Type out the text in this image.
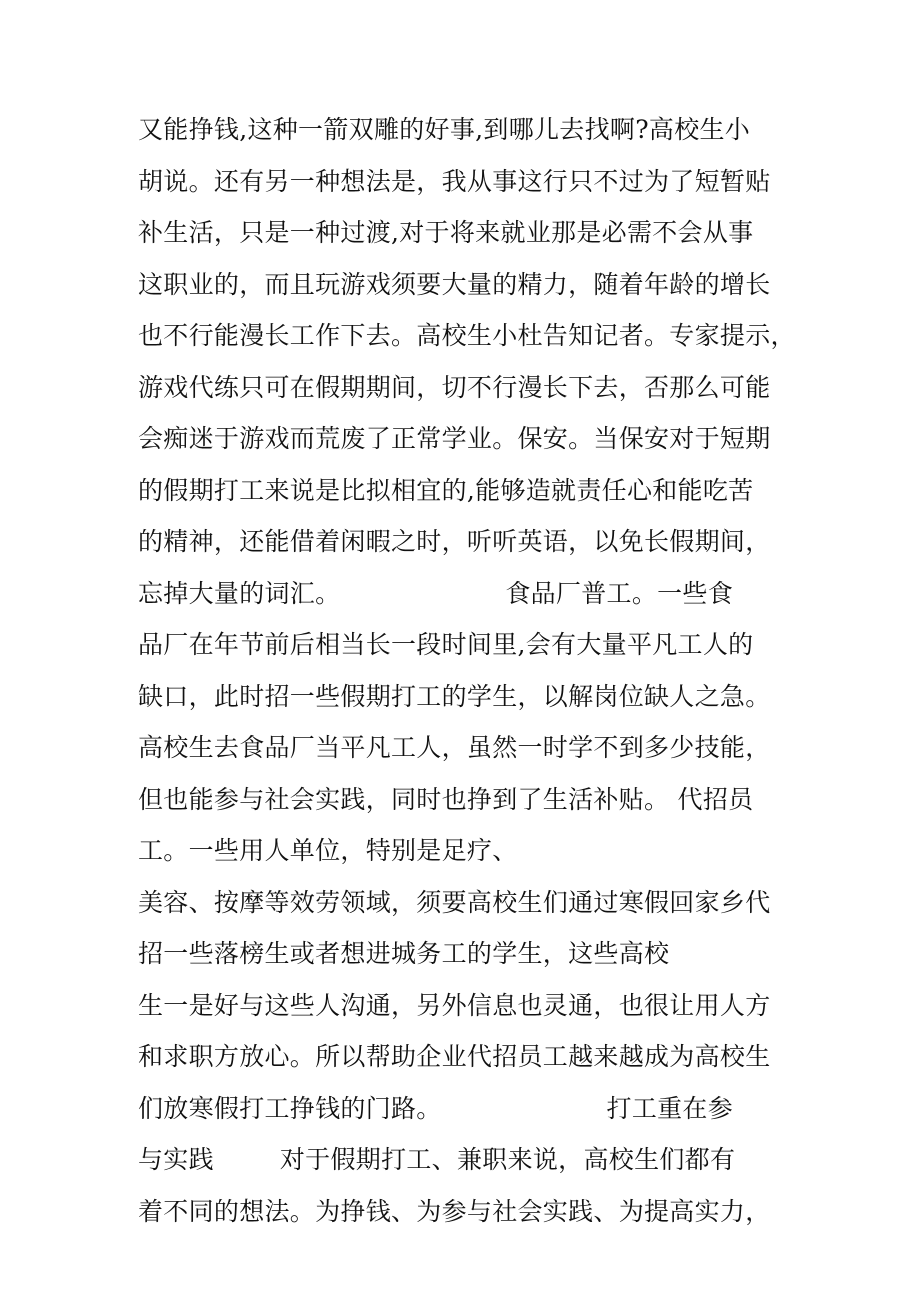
又能挣钱,这种一箭双雕的好事,到哪儿去找啊?高校生小
胡说。还有另一种想法是，我从事这行只不过为了短暂贴
补生活，只是一种过渡,对于将来就业那是必需不会从事
这职业的，而且玩游戏须要大量的精力，随着年龄的增长
也不行能漫长工作下去。高校生小杜告知记者。专家提示，
游戏代练只可在假期期间，切不行漫长下去，否那么可能
会痴迷于游戏而荒废了正常学业。保安。当保安对于短期
的假期打工来说是比拟相宜的,能够造就责任心和能吃苦
的精神，还能借着闲暇之时，听听英语，以免长假期间，
忘掉大量的词汇。                    食品厂普工。一些食
品厂在年节前后相当长一段时间里,会有大量平凡工人的
缺口，此时招一些假期打工的学生，以解岗位缺人之急。
高校生去食品厂当平凡工人，虽然一时学不到多少技能，
但也能参与社会实践，同时也挣到了生活补贴。 代招员
工。一些用人单位，特别是足疗、
美容、按摩等效劳领域，须要高校生们通过寒假回家乡代
招一些落榜生或者想进城务工的学生，这些高校
生一是好与这些人沟通，另外信息也灵通，也很让用人方
和求职方放心。所以帮助企业代招员工越来越成为高校生
们放寒假打工挣钱的门路。                    打工重在参
与实践        对于假期打工、兼职来说，高校生们都有
着不同的想法。为挣钱、为参与社会实践、为提高实力，
